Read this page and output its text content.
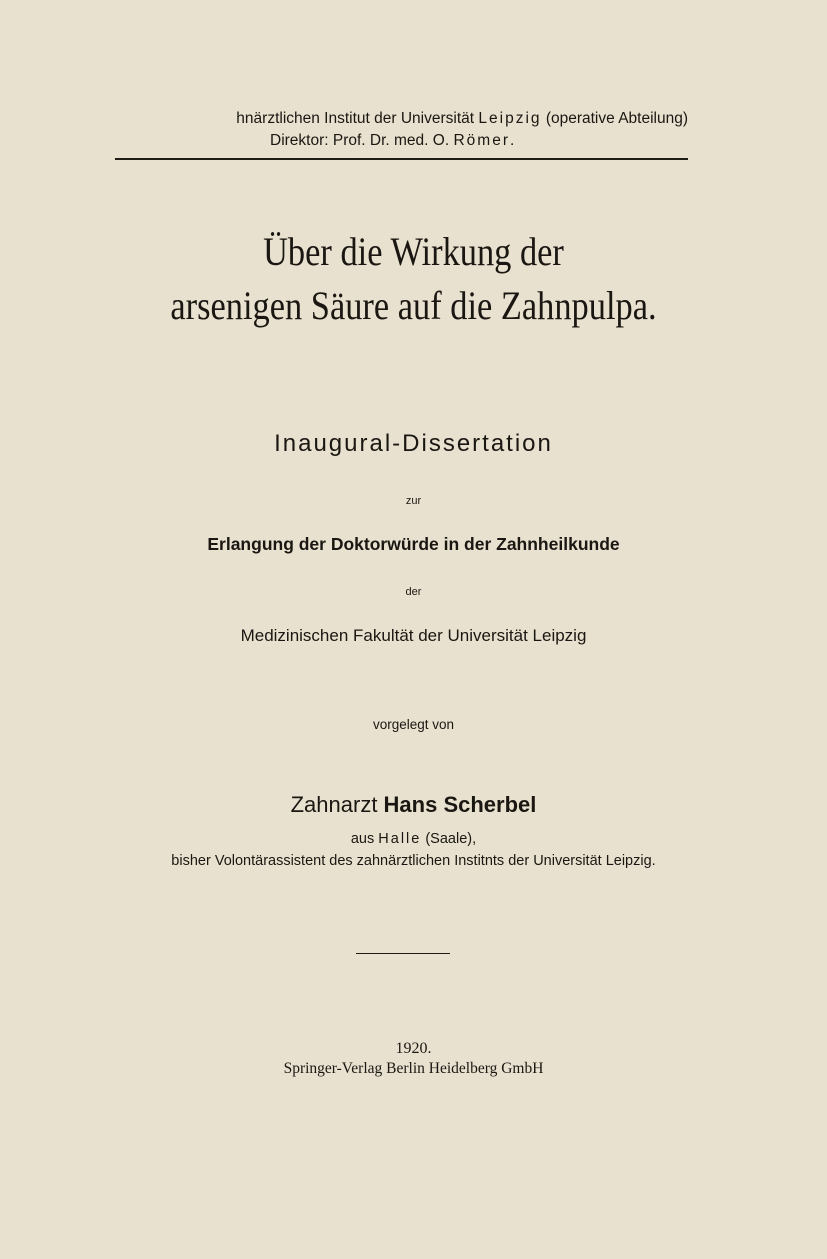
hnärztlichen Institut der Universität Leipzig (operative Abteilung)
Direktor: Prof. Dr. med. O. Römer.
Über die Wirkung der
arsenigen Säure auf die Zahnpulpa.
Inaugural-Dissertation
zur
Erlangung der Doktorwürde in der Zahnheilkunde
der
Medizinischen Fakultät der Universität Leipzig
vorgelegt von
Zahnarzt Hans Scherbel
aus Halle (Saale),
bisher Volontärassistent des zahnärztlichen Institnts der Universität Leipzig.
1920.
Springer-Verlag Berlin Heidelberg GmbH
